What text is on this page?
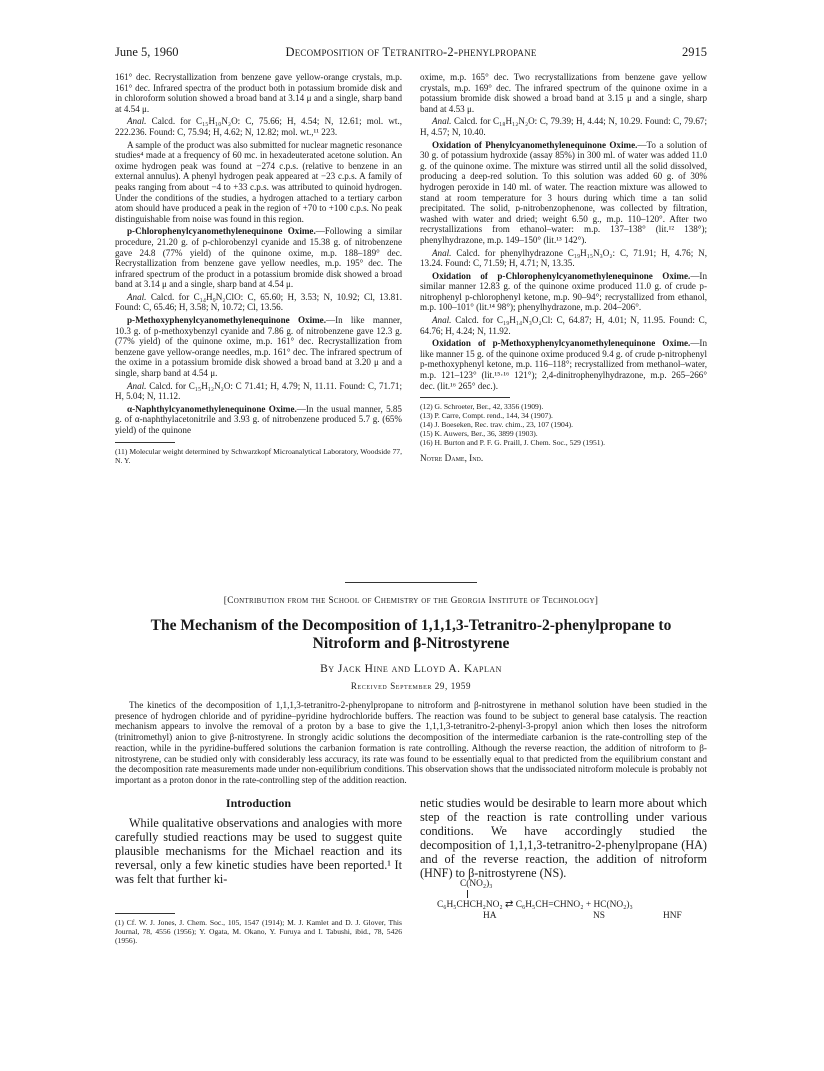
June 5, 1960	Decomposition of Tetranitro-2-phenylpropane	2915

161° dec. Recrystallization from benzene gave yellow-orange crystals, m.p. 161° dec. Infrared spectra of the product both in potassium bromide disk and in chloroform solution showed a broad band at 3.14 μ and a single, sharp band at 4.54 μ.

Anal. Calcd. for C₁₅H₁₀N₂O: C, 75.66; H, 4.54; N, 12.61; mol. wt., 222.236. Found: C, 75.94; H, 4.62; N, 12.82; mol. wt.,¹¹ 223.

A sample of the product was also submitted for nuclear magnetic resonance studies⁴ made at a frequency of 60 mc. in hexadeuterated acetone solution. An oxime hydrogen peak was found at −274 c.p.s. (relative to benzene in an external annulus). A phenyl hydrogen peak appeared at −23 c.p.s. A family of peaks ranging from about −4 to +33 c.p.s. was attributed to quinoid hydrogen. Under the conditions of the studies, a hydrogen attached to a tertiary carbon atom should have produced a peak in the region of +70 to +100 c.p.s. No peak distinguishable from noise was found in this region.

p-Chlorophenylcyanomethylenequinone Oxime.—Following a similar procedure, 21.20 g. of p-chlorobenzyl cyanide and 15.38 g. of nitrobenzene gave 24.8 (77% yield) of the quinone oxime, m.p. 188–189° dec. Recrystallization from benzene gave yellow needles, m.p. 195° dec. The infrared spectrum of the product in a potassium bromide disk showed a broad band at 3.14 μ and a single, sharp band at 4.54 μ.

Anal. Calcd. for C₁₄H₉N₂ClO: C, 65.60; H, 3.53; N, 10.92; Cl, 13.81. Found: C, 65.46; H, 3.58; N, 10.72; Cl, 13.56.

p-Methoxyphenylcyanomethylenequinone Oxime.—In like manner, 10.3 g. of p-methoxybenzyl cyanide and 7.86 g. of nitrobenzene gave 12.3 g. (77% yield) of the quinone oxime, m.p. 161° dec. Recrystallization from benzene gave yellow-orange needles, m.p. 161° dec. The infrared spectrum of the oxime in a potassium bromide disk showed a broad band at 3.20 μ and a single, sharp band at 4.54 μ.

Anal. Calcd. for C₁₅H₁₂N₂O: C 71.41; H, 4.79; N, 11.11. Found: C, 71.71; H, 5.04; N, 11.12.

α-Naphthylcyanomethylenequinone Oxime.—In the usual manner, 5.85 g. of α-naphthylacetonitrile and 3.93 g. of nitrobenzene produced 5.7 g. (65% yield) of the quinone

(11) Molecular weight determined by Schwarzkopf Microanalytical Laboratory, Woodside 77, N. Y.

oxime, m.p. 165° dec. Two recrystallizations from benzene gave yellow crystals, m.p. 169° dec. The infrared spectrum of the quinone oxime in a potassium bromide disk showed a broad band at 3.15 μ and a single, sharp band at 4.53 μ.

Anal. Calcd. for C₁₈H₁₂N₂O: C, 79.39; H, 4.44; N, 10.29. Found: C, 79.67; H, 4.57; N, 10.40.

Oxidation of Phenylcyanomethylenequinone Oxime.—To a solution of 30 g. of potassium hydroxide (assay 85%) in 300 ml. of water was added 11.0 g. of the quinone oxime. The mixture was stirred until all the solid dissolved, producing a deep-red solution. To this solution was added 60 g. of 30% hydrogen peroxide in 140 ml. of water. The reaction mixture was allowed to stand at room temperature for 3 hours during which time a tan solid precipitated. The solid, p-nitrobenzophenone, was collected by filtration, washed with water and dried; weight 6.50 g., m.p. 110–120°. After two recrystallizations from ethanol–water: m.p. 137–138° (lit.¹² 138°); phenylhydrazone, m.p. 149–150° (lit.¹³ 142°).

Anal. Calcd. for phenylhydrazone C₁₉H₁₅N₃O₂: C, 71.91; H, 4.76; N, 13.24. Found: C, 71.59; H, 4.71; N, 13.35.

Oxidation of p-Chlorophenylcyanomethylenequinone Oxime.—In similar manner 12.83 g. of the quinone oxime produced 11.0 g. of crude p-nitrophenyl p-chlorophenyl ketone, m.p. 90–94°; recrystallized from ethanol, m.p. 100–101° (lit.¹⁴ 98°); phenylhydrazone, m.p. 204–206°.

Anal. Calcd. for C₁₉H₁₄N₃O₂Cl: C, 64.87; H, 4.01; N, 11.95. Found: C, 64.76; H, 4.24; N, 11.92.

Oxidation of p-Methoxyphenylcyanomethylenequinone Oxime.—In like manner 15 g. of the quinone oxime produced 9.4 g. of crude p-nitrophenyl p-methoxyphenyl ketone, m.p. 116–118°; recrystallized from methanol–water, m.p. 121–123° (lit.¹⁵·¹⁶ 121°); 2,4-dinitrophenylhydrazone, m.p. 265–266° dec. (lit.¹⁶ 265° dec.).

(12) G. Schroeter, Ber., 42, 3356 (1909).
(13) P. Carre, Compt. rend., 144, 34 (1907).
(14) J. Boeseken, Rec. trav. chim., 23, 107 (1904).
(15) K. Auwers, Ber., 36, 3899 (1903).
(16) H. Burton and P. F. G. Praill, J. Chem. Soc., 529 (1951).

Notre Dame, Ind.

[Contribution from the School of Chemistry of the Georgia Institute of Technology]
The Mechanism of the Decomposition of 1,1,1,3-Tetranitro-2-phenylpropane to
Nitroform and β-Nitrostyrene
By Jack Hine and Lloyd A. Kaplan
Received September 29, 1959
The kinetics of the decomposition of 1,1,1,3-tetranitro-2-phenylpropane to nitroform and β-nitrostyrene in methanol solution have been studied in the presence of hydrogen chloride and of pyridine–pyridine hydrochloride buffers. The reaction was found to be subject to general base catalysis. The reaction mechanism appears to involve the removal of a proton by a base to give the 1,1,1,3-tetranitro-2-phenyl-3-propyl anion which then loses the nitroform (trinitromethyl) anion to give β-nitrostyrene. In strongly acidic solutions the decomposition of the intermediate carbanion is the rate-controlling step of the reaction, while in the pyridine-buffered solutions the carbanion formation is rate controlling. Although the reverse reaction, the addition of nitroform to β-nitrostyrene, can be studied only with considerably less accuracy, its rate was found to be essentially equal to that predicted from the equilibrium constant and the decomposition rate measurements made under non-equilibrium conditions. This observation shows that the undissociated nitroform molecule is probably not important as a proton donor in the rate-controlling step of the addition reaction.
Introduction

While qualitative observations and analogies with more carefully studied reactions may be used to suggest quite plausible mechanisms for the Michael reaction and its reversal, only a few kinetic studies have been reported.¹ It was felt that further ki-

(1) Cf. W. J. Jones, J. Chem. Soc., 105, 1547 (1914); M. J. Kamlet and D. J. Glover, This Journal, 78, 4556 (1956); Y. Ogata, M. Okano, Y. Furuya and I. Tabushi, ibid., 78, 5426 (1956).

netic studies would be desirable to learn more about which step of the reaction is rate controlling under various conditions. We have accordingly studied the decomposition of 1,1,1,3-tetranitro-2-phenylpropane (HA) and of the reverse reaction, the addition of nitroform (HNF) to β-nitrostyrene (NS).

C(NO₂)₃
C₆H₅CHCH₂NO₂ ⇄ C₆H₅CH=CHNO₂ + HC(NO₂)₃
HA	NS	HNF
